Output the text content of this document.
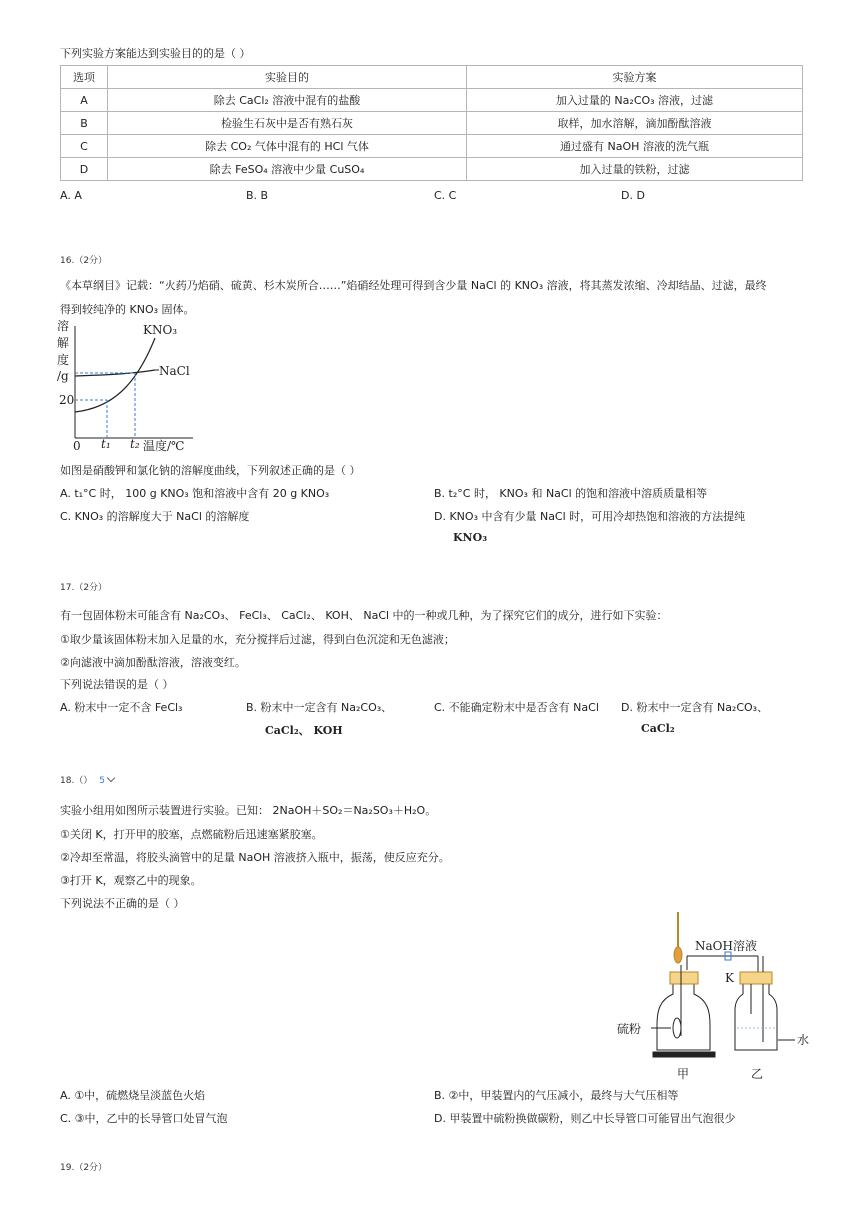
下列实验方案能达到实验目的的是（ ）
选项	实验目的	实验方案
A	除去 CaCl₂ 溶液中混有的盐酸	加入过量的 Na₂CO₃ 溶液，过滤
B	检验生石灰中是否有熟石灰	取样，加水溶解，滴加酚酞溶液
C	除去 CO₂ 气体中混有的 HCl 气体	通过盛有 NaOH 溶液的洗气瓶
D	除去 FeSO₄ 溶液中少量 CuSO₄	加入过量的铁粉，过滤
A. A	B. B	C. C	D. D
16.（2分）
《本草纲目》记载：“火药乃焰硝、硫黄、杉木炭所合……”焰硝经处理可得到含少量 NaCl 的 KNO₃ 溶液，将其蒸发浓缩、冷却结晶、过滤，最终
得到较纯净的 KNO₃ 固体。
溶
解
度
/g
20
0 t₁ t₂ 温度/℃
KNO₃
NaCl
如图是硝酸钾和氯化钠的溶解度曲线，下列叙述正确的是（ ）
A. t₁°C 时， 100 g KNO₃ 饱和溶液中含有 20 g KNO₃	B. t₂°C 时， KNO₃ 和 NaCl 的饱和溶液中溶质质量相等
C. KNO₃ 的溶解度大于 NaCl 的溶解度	D. KNO₃ 中含有少量 NaCl 时，可用冷却热饱和溶液的方法提纯
KNO₃
17.（2分）
有一包固体粉末可能含有 Na₂CO₃、 FeCl₃、 CaCl₂、 KOH、 NaCl 中的一种或几种，为了探究它们的成分，进行如下实验：
①取少量该固体粉末加入足量的水，充分搅拌后过滤，得到白色沉淀和无色滤液；
②向滤液中滴加酚酞溶液，溶液变红。
下列说法错误的是（ ）
A. 粉末中一定不含 FeCl₃	B. 粉末中一定含有 Na₂CO₃、
CaCl₂、 KOH
C. 不能确定粉末中是否含有 NaCl D. 粉末中一定含有 Na₂CO₃、
CaCl₂
18.（） 5
实验小组用如图所示装置进行实验。已知： 2NaOH＋SO₂＝Na₂SO₃＋H₂O。
①关闭 K，打开甲的胶塞，点燃硫粉后迅速塞紧胶塞。
②冷却至常温，将胶头滴管中的足量 NaOH 溶液挤入瓶中，振荡，使反应充分。
③打开 K，观察乙中的现象。
下列说法不正确的是（ ）
NaOH溶液
K
硫粉
水
甲	乙
A. ①中，硫燃烧呈淡蓝色火焰	B. ②中，甲装置内的气压减小，最终与大气压相等
C. ③中，乙中的长导管口处冒气泡	D. 甲装置中硫粉换做碳粉，则乙中长导管口可能冒出气泡很少
19.（2分）
